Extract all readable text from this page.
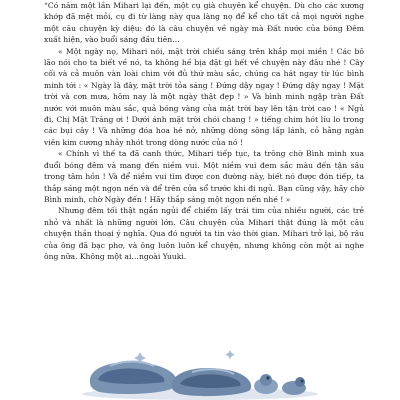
“Có năm một lần Mihari lại đến, một cụ già chuyên kể chuyện. Dù cho các xương khớp đã mệt mỏi, cụ đi từ làng này qua làng nọ để kể cho tất cả mọi người nghe một câu chuyện kỳ diệu: đó là câu chuyện về ngày mà Đất nước của bóng Đêm xuất hiện, vào buổi sáng đầu tiên…

« Một ngày nọ, Mihari nói, mặt trời chiếu sáng trên khắp mọi miền ! Các bô lão nói cho ta biết về nó, ta không hề bịa đặt gì hết về chuyện này đâu nhé ! Cây cối và cả muôn vàn loài chim với đủ thứ màu sắc, chúng ca hát ngay từ lúc bình minh tới : « Ngày là đây, mặt trời tỏa sáng ! Đứng dậy ngay ! Đứng dậy ngay ! Mặt trời và cơn mưa, hôm nay là một ngày thật đẹp ! » Và bình minh ngập tràn Đất nước với muôn màu sắc, quả bóng vàng của mặt trời bay lên tận trời cao ! « Ngủ đi, Chị Mặt Trăng ơi ! Dưới ánh mặt trời chói chang ! » tiếng chim hót líu lo trong các bụi cây ! Và những đóa hoa hé nở, những dòng sông lấp lánh, cỏ hằng ngàn viên kim cương nhảy nhót trong dòng nước của nó !

« Chính vì thế ta đã canh thức, Mihari tiếp tục, ta trông chờ Bình minh xua đuổi bóng đêm và mang đến niềm vui. Một niềm vui đem sắc màu đến tận sâu trong tâm hồn ! Và để niềm vui tìm được con đường này, biết nó được đón tiếp, ta thắp sáng một ngọn nến và để trên cửa sổ trước khi đi ngủ. Bạn cũng vậy, hãy chờ Bình minh, chờ Ngày đến ! Hãy thắp sáng một ngọn nến nhé ! »

Nhưng đêm tối thật ngắn ngủi để chiếm lấy trái tim của nhiều người, các trẻ nhỏ và nhất là những người lớn. Câu chuyện của Mihari thật đúng là một câu chuyện thần thoại ý nghĩa. Qua đó người ta tin vào thời gian. Mihari trở lại, bộ râu của ông đã bạc phơ, và ông luôn luôn kể chuyện, nhưng không còn một ai nghe ông nữa. Không một ai…ngoài Yuuki.
